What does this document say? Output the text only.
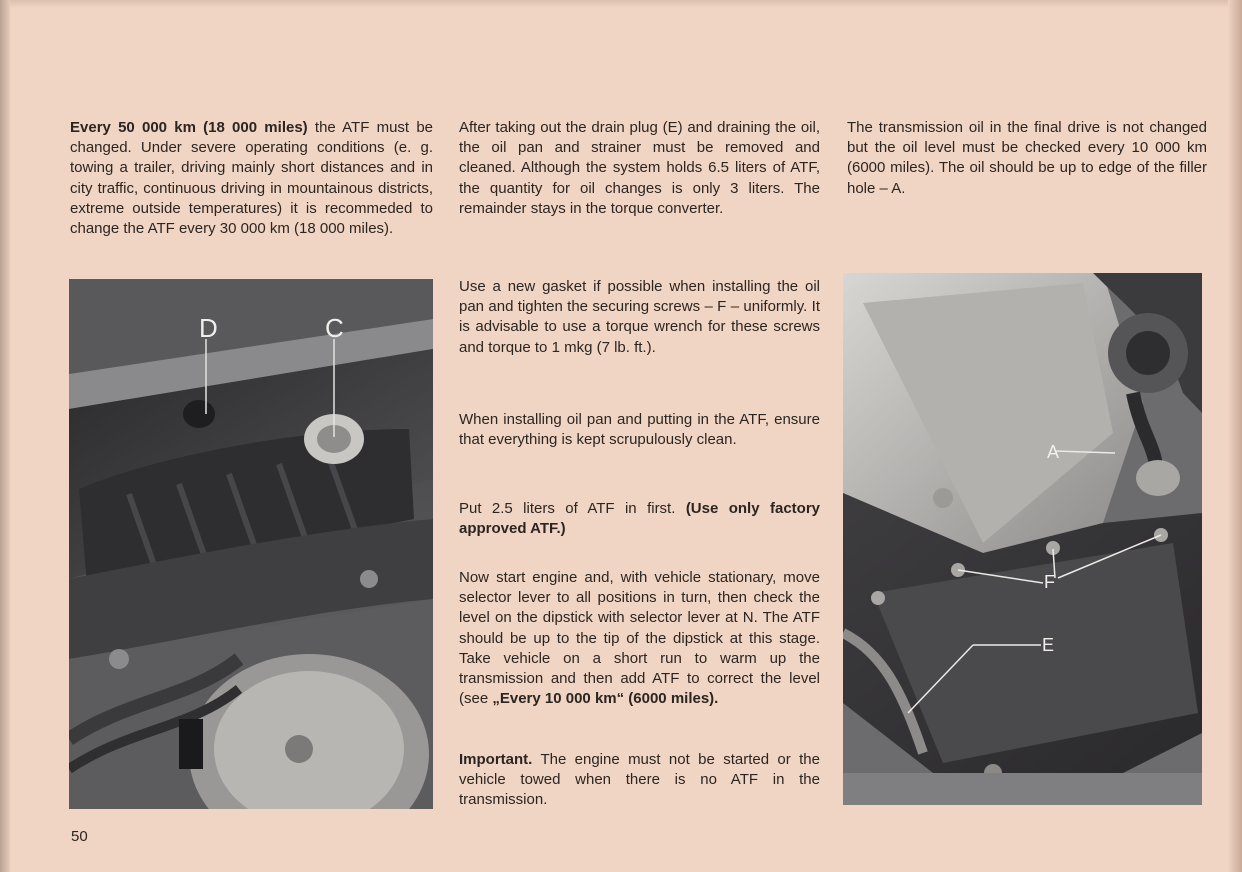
Every 50 000 km (18 000 miles) the ATF must be changed. Under severe operating conditions (e. g. towing a trailer, driving mainly short distances and in city traffic, continuous driving in mountainous districts, extreme outside temperatures) it is recommeded to change the ATF every 30 000 km (18 000 miles).

D	C

After taking out the drain plug (E) and draining the oil, the oil pan and strainer must be removed and cleaned. Although the system holds 6.5 liters of ATF, the quantity for oil changes is only 3 liters. The remainder stays in the torque converter.

Use a new gasket if possible when installing the oil pan and tighten the securing screws – F – uniformly. It is advisable to use a torque wrench for these screws and torque to 1 mkg (7 lb. ft.).

When installing oil pan and putting in the ATF, ensure that everything is kept scrupulously clean.

Put 2.5 liters of ATF in first. (Use only factory approved ATF.)

Now start engine and, with vehicle stationary, move selector lever to all positions in turn, then check the level on the dipstick with selector lever at N. The ATF should be up to the tip of the dipstick at this stage. Take vehicle on a short run to warm up the transmission and then add ATF to correct the level (see „Every 10 000 km“ (6000 miles).

Important. The engine must not be started or the vehicle towed when there is no ATF in the transmission.

The transmission oil in the final drive is not changed but the oil level must be checked every 10 000 km (6000 miles). The oil should be up to edge of the filler hole – A.

A
F
E
50
